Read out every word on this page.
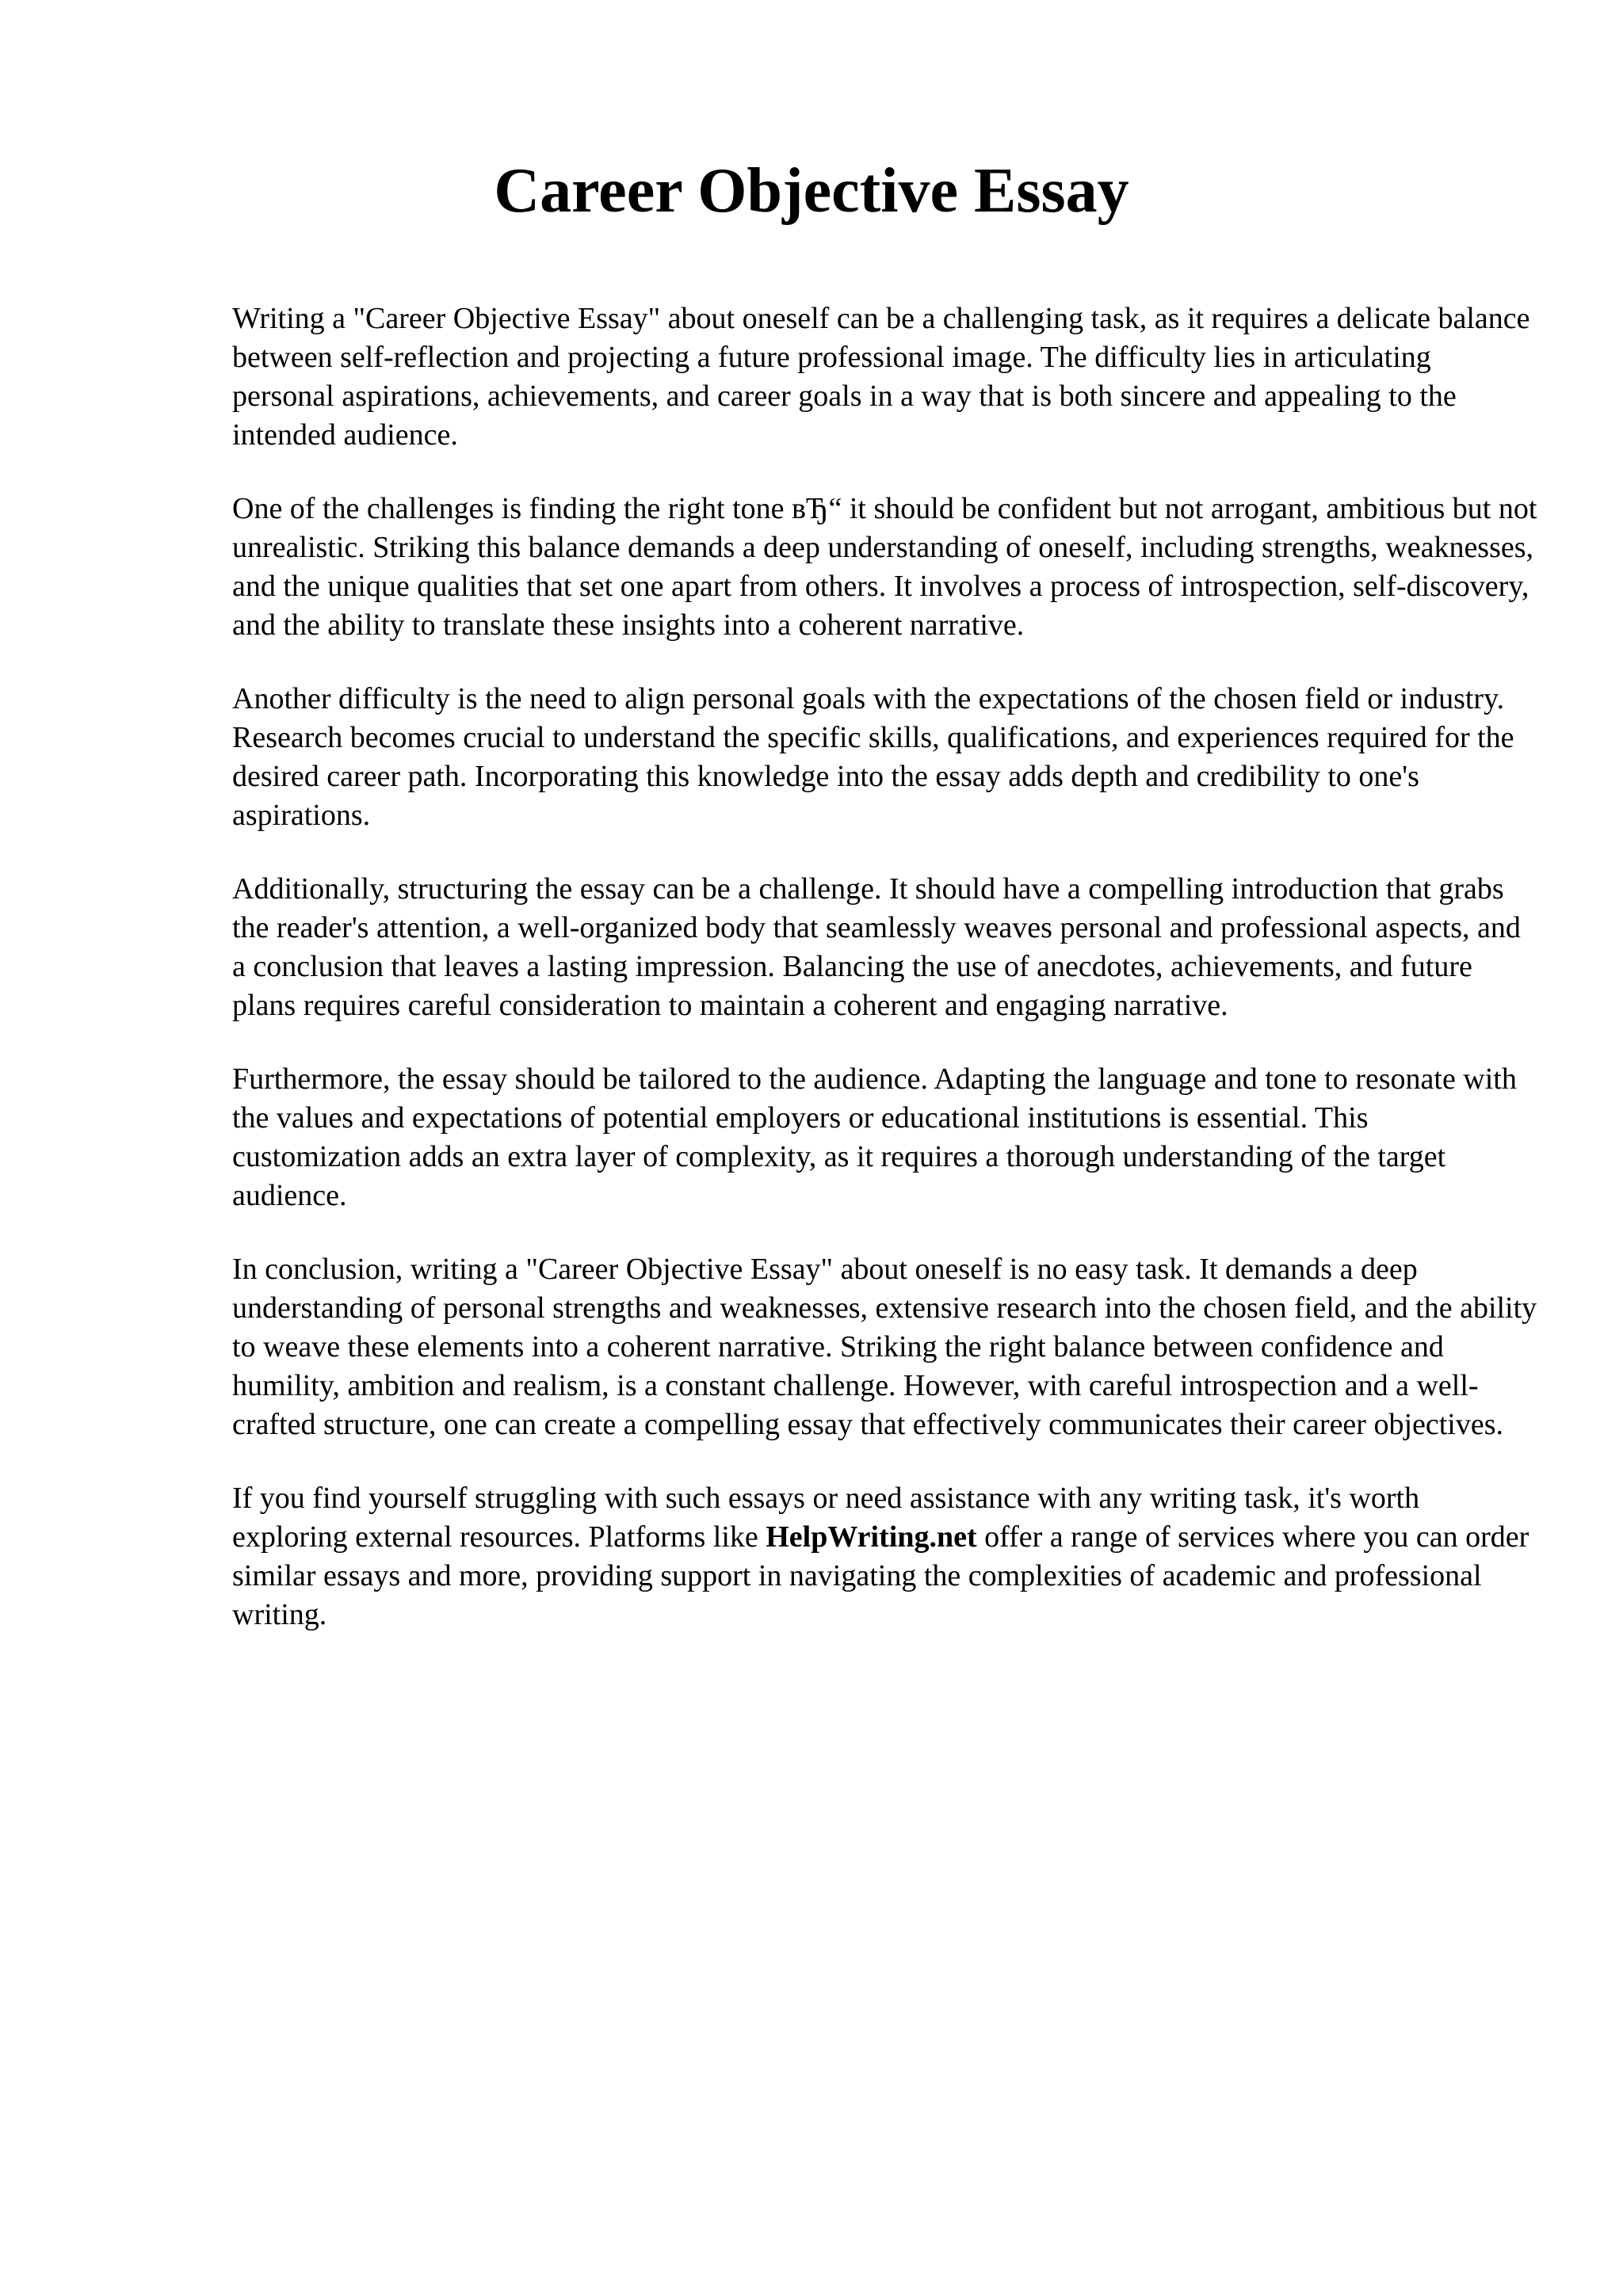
Career Objective Essay

Writing a "Career Objective Essay" about oneself can be a challenging task, as it requires a delicate balance between self-reflection and projecting a future professional image. The difficulty lies in articulating personal aspirations, achievements, and career goals in a way that is both sincere and appealing to the intended audience.

One of the challenges is finding the right tone вЂ“ it should be confident but not arrogant, ambitious but not unrealistic. Striking this balance demands a deep understanding of oneself, including strengths, weaknesses, and the unique qualities that set one apart from others. It involves a process of introspection, self-discovery, and the ability to translate these insights into a coherent narrative.

Another difficulty is the need to align personal goals with the expectations of the chosen field or industry. Research becomes crucial to understand the specific skills, qualifications, and experiences required for the desired career path. Incorporating this knowledge into the essay adds depth and credibility to one's aspirations.

Additionally, structuring the essay can be a challenge. It should have a compelling introduction that grabs the reader's attention, a well-organized body that seamlessly weaves personal and professional aspects, and a conclusion that leaves a lasting impression. Balancing the use of anecdotes, achievements, and future plans requires careful consideration to maintain a coherent and engaging narrative.

Furthermore, the essay should be tailored to the audience. Adapting the language and tone to resonate with the values and expectations of potential employers or educational institutions is essential. This customization adds an extra layer of complexity, as it requires a thorough understanding of the target audience.

In conclusion, writing a "Career Objective Essay" about oneself is no easy task. It demands a deep understanding of personal strengths and weaknesses, extensive research into the chosen field, and the ability to weave these elements into a coherent narrative. Striking the right balance between confidence and humility, ambition and realism, is a constant challenge. However, with careful introspection and a well-crafted structure, one can create a compelling essay that effectively communicates their career objectives.

If you find yourself struggling with such essays or need assistance with any writing task, it's worth exploring external resources. Platforms like HelpWriting.net offer a range of services where you can order similar essays and more, providing support in navigating the complexities of academic and professional writing.
